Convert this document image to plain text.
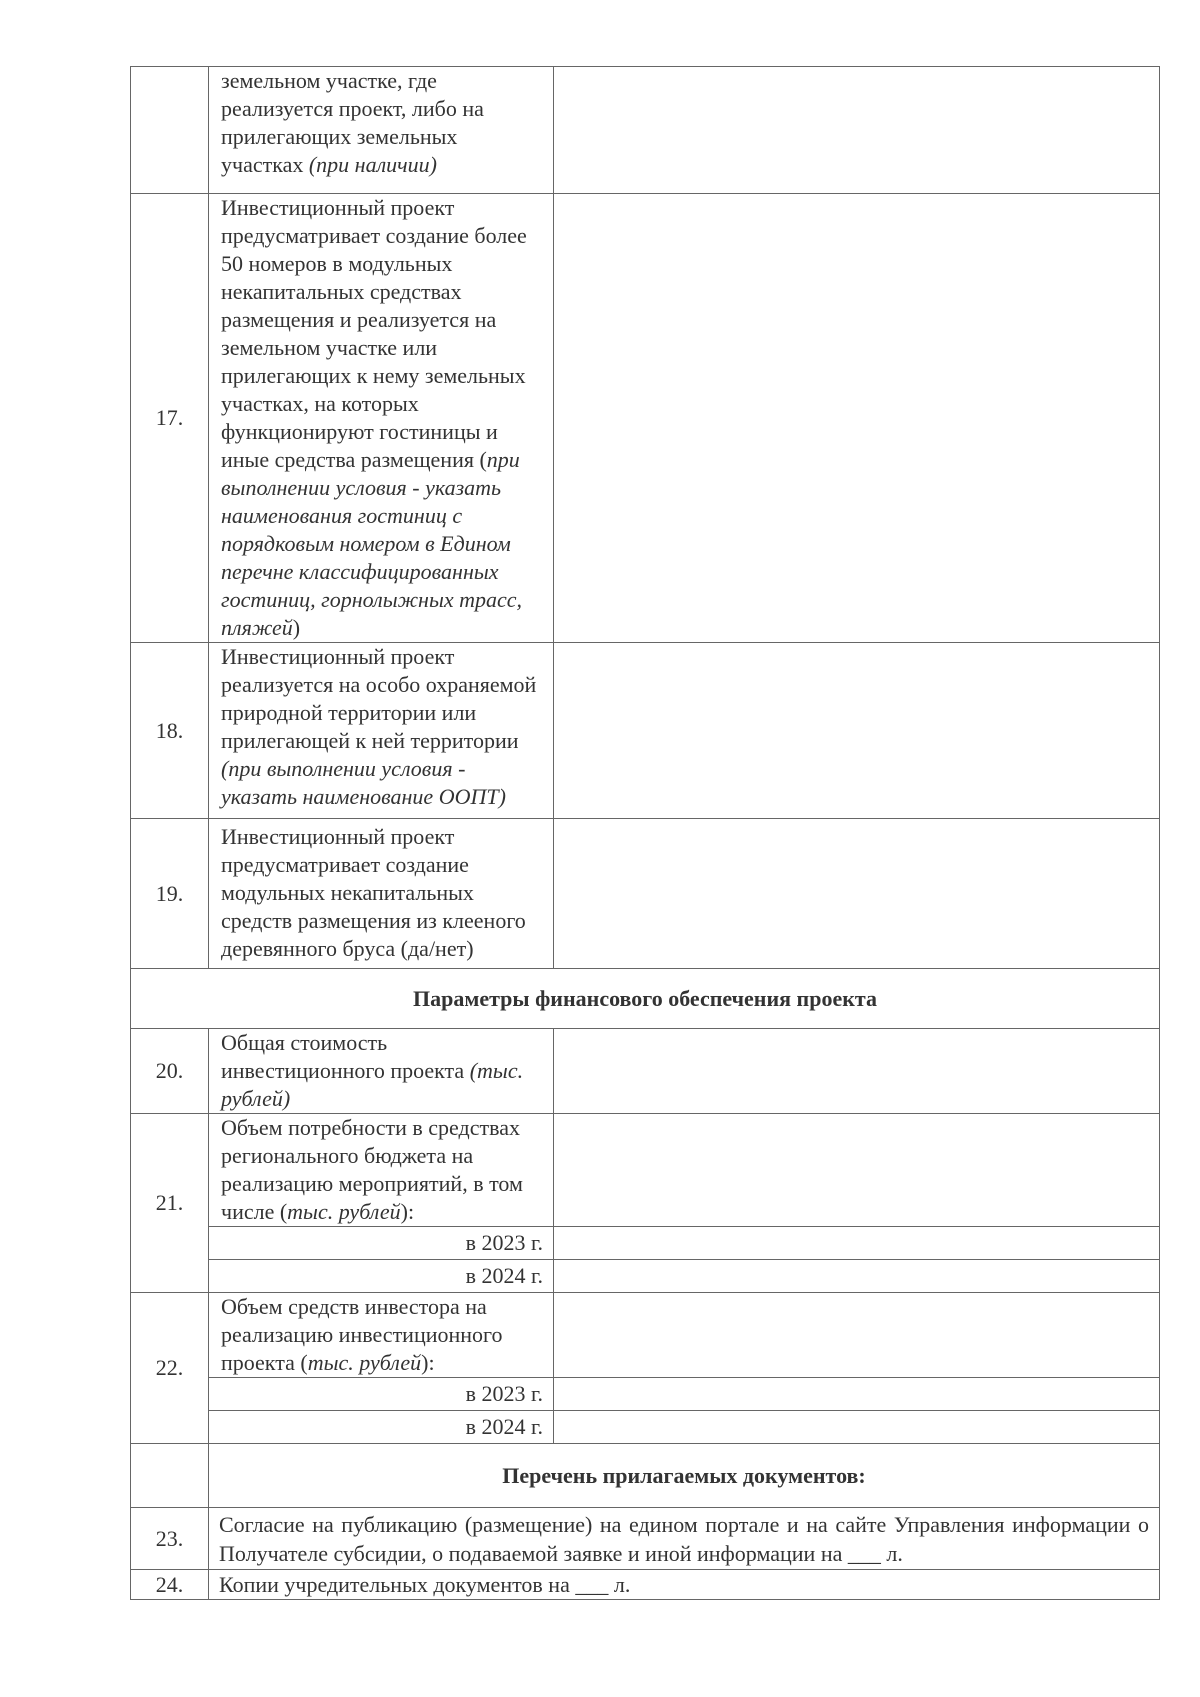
	земельном участке, где реализуется проект, либо на прилегающих земельных участках (при наличии)	
17.	Инвестиционный проект предусматривает создание более 50 номеров в модульных некапитальных средствах размещения и реализуется на земельном участке или прилегающих к нему земельных участках, на которых функционируют гостиницы и иные средства размещения (при выполнении условия - указать наименования гостиниц с порядковым номером в Едином перечне классифицированных гостиниц, горнолыжных трасс, пляжей)	
18.	Инвестиционный проект реализуется на особо охраняемой природной территории или прилегающей к ней территории (при выполнении условия - указать наименование ООПТ)	
19.	Инвестиционный проект предусматривает создание модульных некапитальных средств размещения из клееного деревянного бруса (да/нет)	
Параметры финансового обеспечения проекта		
20.	Общая стоимость инвестиционного проекта (тыс. рублей)	
21.	Объем потребности в средствах регионального бюджета на реализацию мероприятий, в том числе (тыс. рублей):	
	в 2023 г.	
	в 2024 г.	
22.	Объем средств инвестора на реализацию инвестиционного проекта (тыс. рублей):	
	в 2023 г.	
	в 2024 г.	
	Перечень прилагаемых документов:	
23.	Согласие на публикацию (размещение) на едином портале и на сайте Управления информации о Получателе субсидии, о подаваемой заявке и иной информации на ___ л.	
24.	Копии учредительных документов на ___ л.	
